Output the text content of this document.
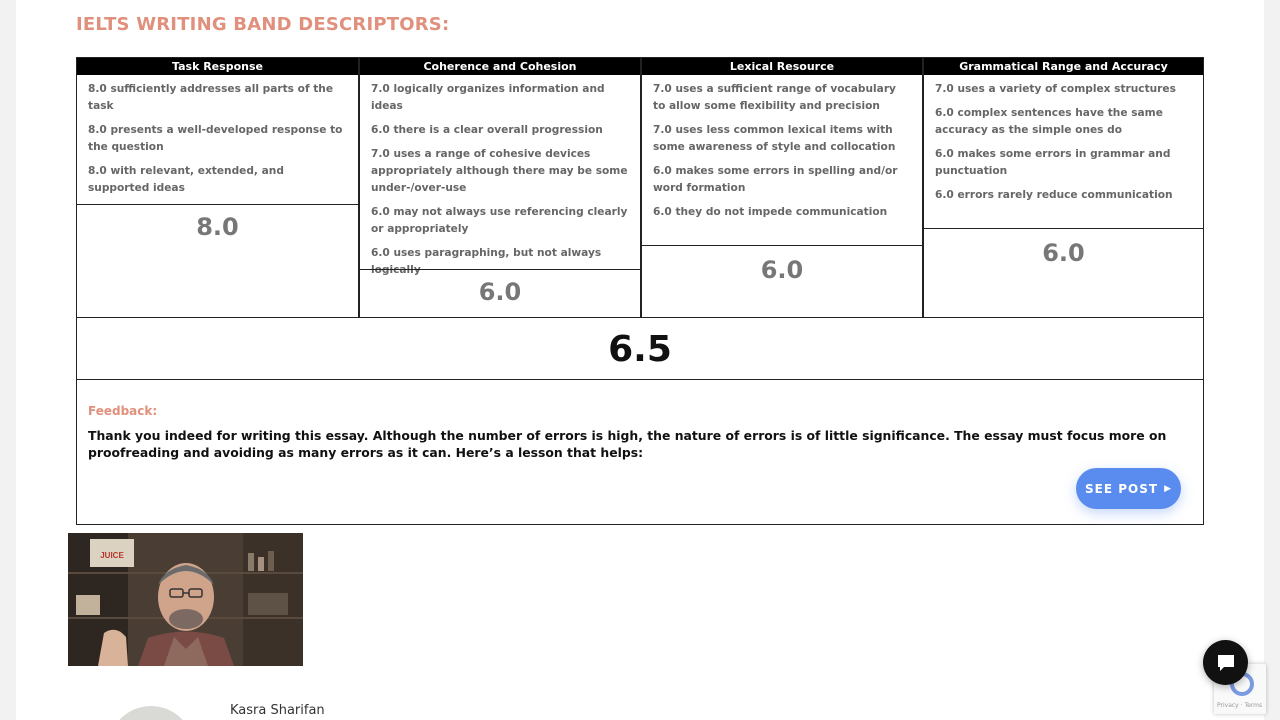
IELTS WRITING BAND DESCRIPTORS:
Task Response

8.0 sufficiently addresses all parts of the task

8.0 presents a well-developed response to the question

8.0 with relevant, extended, and supported ideas

8.0
Coherence and Cohesion

7.0 logically organizes information and ideas

6.0 there is a clear overall progression

7.0 uses a range of cohesive devices appropriately although there may be some under-/over-use

6.0 may not always use referencing clearly or appropriately

6.0 uses paragraphing, but not always logically

6.0
Lexical Resource

7.0 uses a sufficient range of vocabulary to allow some flexibility and precision

7.0 uses less common lexical items with some awareness of style and collocation

6.0 makes some errors in spelling and/or word formation

6.0 they do not impede communication

6.0
Grammatical Range and Accuracy

7.0 uses a variety of complex structures

6.0 complex sentences have the same accuracy as the simple ones do

6.0 makes some errors in grammar and punctuation

6.0 errors rarely reduce communication

6.0
6.5
Feedback:

Thank you indeed for writing this essay. Although the number of errors is high, the nature of errors is of little significance. The essay must focus more on proofreading and avoiding as many errors as it can. Here’s a lesson that helps:

SEE POST ▶
JUICE
Kasra Sharifan	Privacy · Terms
